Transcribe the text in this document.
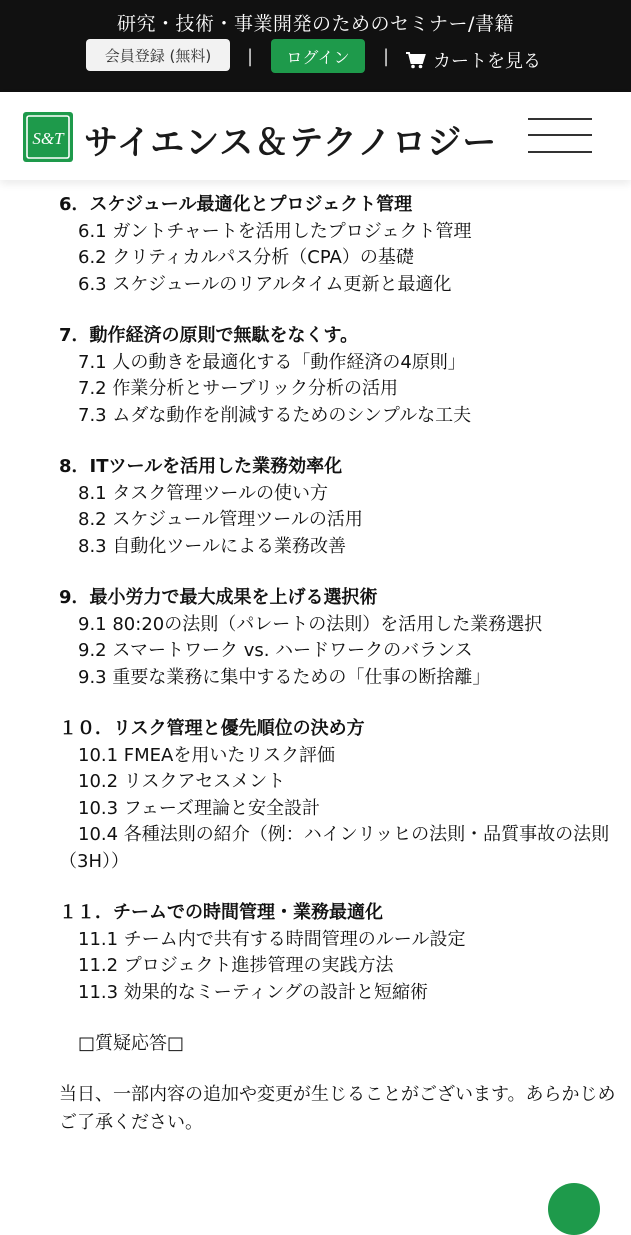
研究・技術・事業開発のためのセミナー/書籍
会員登録 (無料)	|	ログイン	| カートを見る
S&T サイエンス＆テクノロジー
6．スケジュール最適化とプロジェクト管理
6.1 ガントチャートを活用したプロジェクト管理
6.2 クリティカルパス分析（CPA）の基礎
6.3 スケジュールのリアルタイム更新と最適化
7．動作経済の原則で無駄をなくす。
7.1 人の動きを最適化する「動作経済の4原則」
7.2 作業分析とサーブリック分析の活用
7.3 ムダな動作を削減するためのシンプルな工夫
8．ITツールを活用した業務効率化
8.1 タスク管理ツールの使い方
8.2 スケジュール管理ツールの活用
8.3 自動化ツールによる業務改善
9．最小労力で最大成果を上げる選択術
9.1 80:20の法則（パレートの法則）を活用した業務選択
9.2 スマートワーク vs. ハードワークのバランス
9.3 重要な業務に集中するための「仕事の断捨離」
１０．リスク管理と優先順位の決め方
10.1 FMEAを用いたリスク評価
10.2 リスクアセスメント
10.3 フェーズ理論と安全設計
10.4 各種法則の紹介（例：ハインリッヒの法則・品質事故の法則（3H））
１１．チームでの時間管理・業務最適化
11.1 チーム内で共有する時間管理のルール設定
11.2 プロジェクト進捗管理の実践方法
11.3 効果的なミーティングの設計と短縮術
□質疑応答□
当日、一部内容の追加や変更が生じることがございます。あらかじめご了承ください。
